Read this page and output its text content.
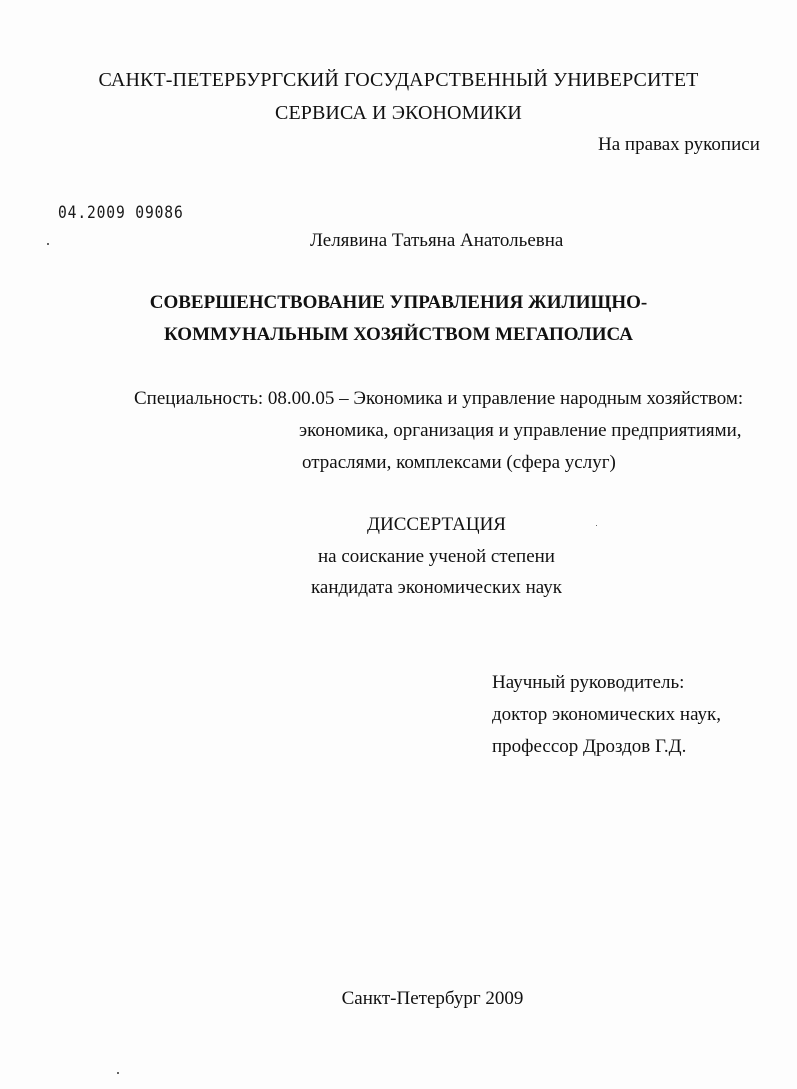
САНКТ-ПЕТЕРБУРГСКИЙ ГОСУДАРСТВЕННЫЙ УНИВЕРСИТЕТ
СЕРВИСА И ЭКОНОМИКИ
На правах рукописи
04.2009 09086
Лелявина Татьяна Анатольевна
СОВЕРШЕНСТВОВАНИЕ УПРАВЛЕНИЯ ЖИЛИЩНО-
КОММУНАЛЬНЫМ ХОЗЯЙСТВОМ МЕГАПОЛИСА
Специальность: 08.00.05 – Экономика и управление народным хозяйством:
экономика, организация и управление предприятиями,
отраслями, комплексами (сфера услуг)
ДИССЕРТАЦИЯ
на соискание ученой степени
кандидата экономических наук
Научный руководитель:
доктор экономических наук,
профессор Дроздов Г.Д.
Санкт-Петербург 2009
